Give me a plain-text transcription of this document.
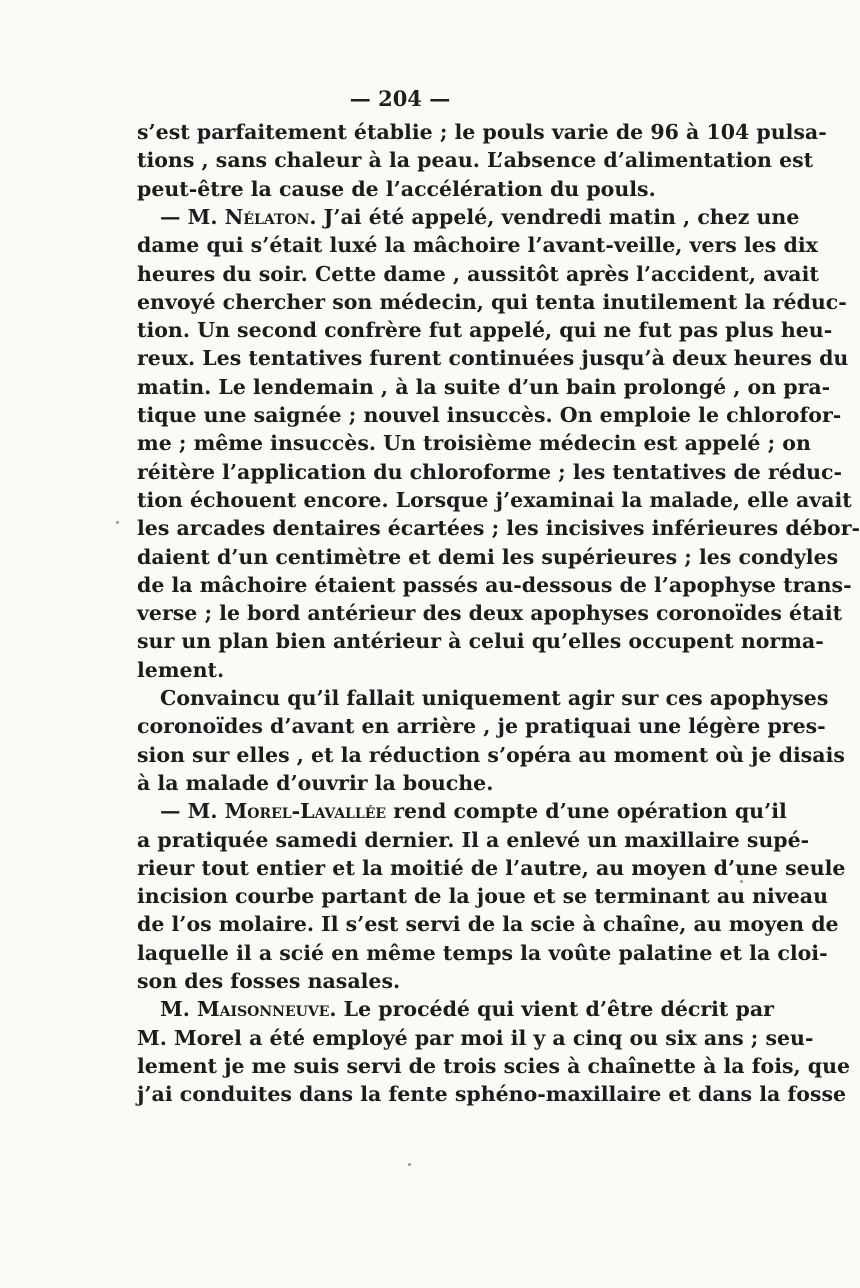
— 204 —
s’est parfaitement établie ; le pouls varie de 96 à 104 pulsa-
tions , sans chaleur à la peau. L’absence d’alimentation est
peut-être la cause de l’accélération du pouls.
— M. Nélaton. J’ai été appelé, vendredi matin , chez une
dame qui s’était luxé la mâchoire l’avant-veille, vers les dix
heures du soir. Cette dame , aussitôt après l’accident, avait
envoyé chercher son médecin, qui tenta inutilement la réduc-
tion. Un second confrère fut appelé, qui ne fut pas plus heu-
reux. Les tentatives furent continuées jusqu’à deux heures du
matin. Le lendemain , à la suite d’un bain prolongé , on pra-
tique une saignée ; nouvel insuccès. On emploie le chlorofor-
me ; même insuccès. Un troisième médecin est appelé ; on
réitère l’application du chloroforme ; les tentatives de réduc-
tion échouent encore. Lorsque j’examinai la malade, elle avait
les arcades dentaires écartées ; les incisives inférieures débor-
daient d’un centimètre et demi les supérieures ; les condyles
de la mâchoire étaient passés au-dessous de l’apophyse trans-
verse ; le bord antérieur des deux apophyses coronoïdes était
sur un plan bien antérieur à celui qu’elles occupent norma-
lement.
Convaincu qu’il fallait uniquement agir sur ces apophyses
coronoïdes d’avant en arrière , je pratiquai une légère pres-
sion sur elles , et la réduction s’opéra au moment où je disais
à la malade d’ouvrir la bouche.
— M. Morel-Lavallée rend compte d’une opération qu’il
a pratiquée samedi dernier. Il a enlevé un maxillaire supé-
rieur tout entier et la moitié de l’autre, au moyen d’une seule
incision courbe partant de la joue et se terminant au niveau
de l’os molaire. Il s’est servi de la scie à chaîne, au moyen de
laquelle il a scié en même temps la voûte palatine et la cloi-
son des fosses nasales.
M. Maisonneuve. Le procédé qui vient d’être décrit par
M. Morel a été employé par moi il y a cinq ou six ans ; seu-
lement je me suis servi de trois scies à chaînette à la fois, que
j’ai conduites dans la fente sphéno-maxillaire et dans la fosse
